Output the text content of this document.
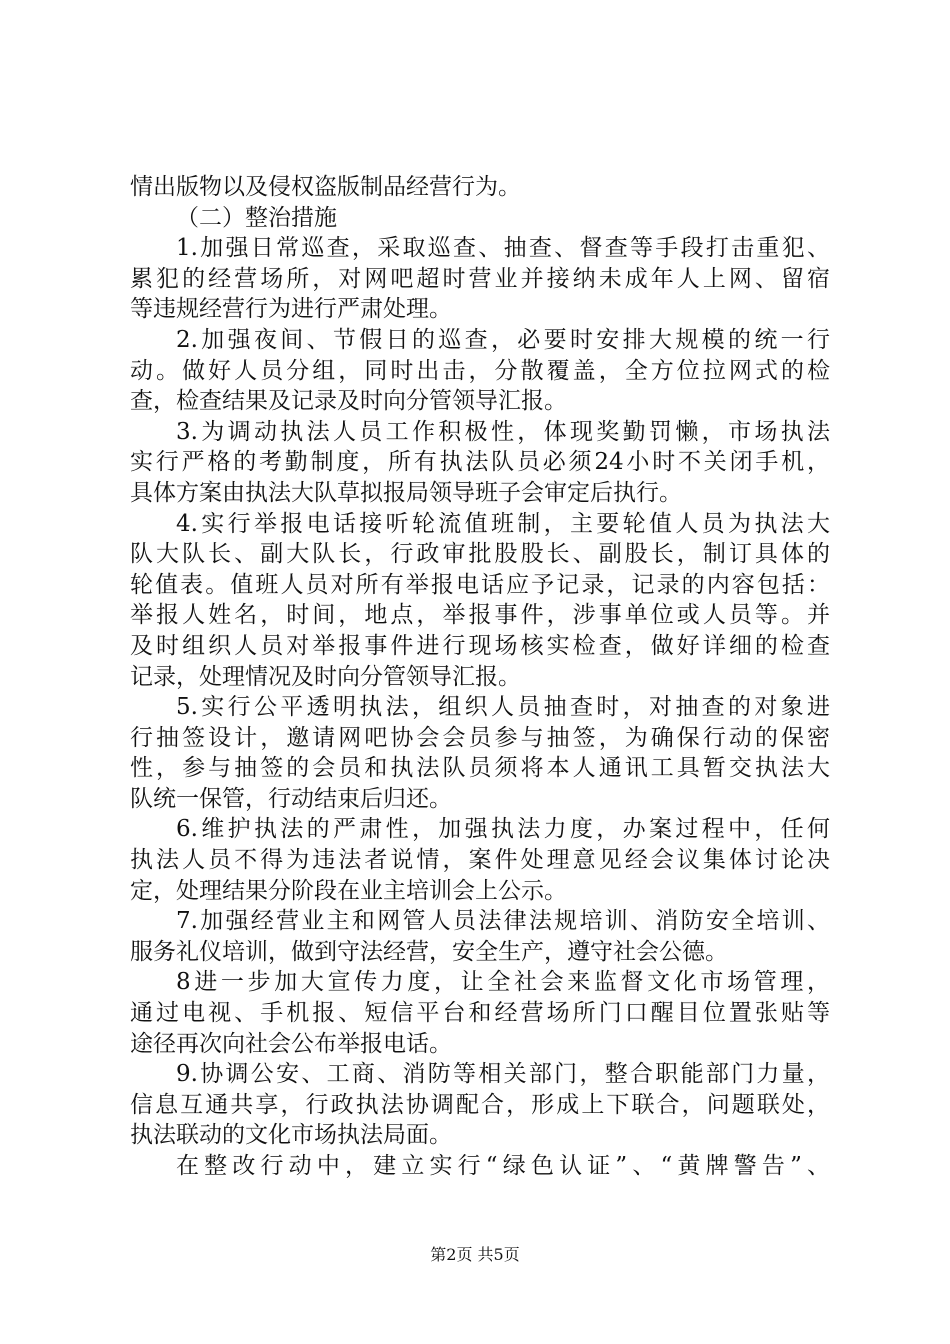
情出版物以及侵权盗版制品经营行为。
（二）整治措施
1.加强日常巡查，采取巡查、抽查、督查等手段打击重犯、
累犯的经营场所，对网吧超时营业并接纳未成年人上网、留宿
等违规经营行为进行严肃处理。
2.加强夜间、节假日的巡查，必要时安排大规模的统一行
动。做好人员分组，同时出击，分散覆盖，全方位拉网式的检
查，检查结果及记录及时向分管领导汇报。
3.为调动执法人员工作积极性，体现奖勤罚懒，市场执法
实行严格的考勤制度，所有执法队员必须24小时不关闭手机，
具体方案由执法大队草拟报局领导班子会审定后执行。
4.实行举报电话接听轮流值班制，主要轮值人员为执法大
队大队长、副大队长，行政审批股股长、副股长，制订具体的
轮值表。值班人员对所有举报电话应予记录，记录的内容包括：
举报人姓名，时间，地点，举报事件，涉事单位或人员等。并
及时组织人员对举报事件进行现场核实检查，做好详细的检查
记录，处理情况及时向分管领导汇报。
5.实行公平透明执法，组织人员抽查时，对抽查的对象进
行抽签设计，邀请网吧协会会员参与抽签，为确保行动的保密
性，参与抽签的会员和执法队员须将本人通讯工具暂交执法大
队统一保管，行动结束后归还。
6.维护执法的严肃性，加强执法力度，办案过程中，任何
执法人员不得为违法者说情，案件处理意见经会议集体讨论决
定，处理结果分阶段在业主培训会上公示。
7.加强经营业主和网管人员法律法规培训、消防安全培训、
服务礼仪培训，做到守法经营，安全生产，遵守社会公德。
8进一步加大宣传力度，让全社会来监督文化市场管理，
通过电视、手机报、短信平台和经营场所门口醒目位置张贴等
途径再次向社会公布举报电话。
9.协调公安、工商、消防等相关部门，整合职能部门力量，
信息互通共享，行政执法协调配合，形成上下联合，问题联处，
执法联动的文化市场执法局面。
在整改行动中，建立实行“绿色认证”、“黄牌警告”、
第2页 共5页
